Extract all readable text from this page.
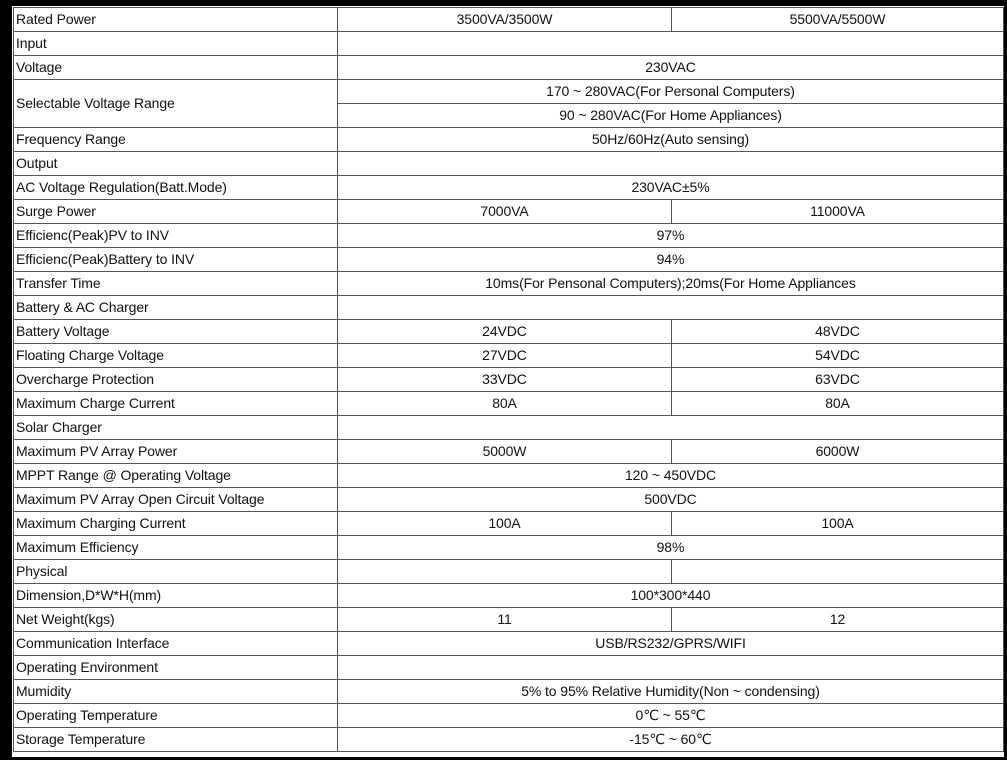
Rated Power	3500VA/3500W	5500VA/5500W
Input		
Voltage	230VAC	
Selectable Voltage Range	170 ~ 280VAC(For Personal Computers)	
	90 ~ 280VAC(For Home Appliances)	
Frequency Range	50Hz/60Hz(Auto sensing)	
Output		
AC Voltage Regulation(Batt.Mode)	230VAC±5%	
Surge Power	7000VA	11000VA
Efficienc(Peak)PV to INV	97%	
Efficienc(Peak)Battery to INV	94%	
Transfer Time	10ms(For Pensonal Computers);20ms(For Home Appliances	
Battery & AC Charger		
Battery Voltage	24VDC	48VDC
Floating Charge Voltage	27VDC	54VDC
Overcharge Protection	33VDC	63VDC
Maximum Charge Current	80A	80A
Solar Charger		
Maximum PV Array Power	5000W	6000W
MPPT Range @ Operating Voltage	120 ~ 450VDC	
Maximum PV Array Open Circuit Voltage	500VDC	
Maximum Charging Current	100A	100A
Maximum Efficiency	98%	
Physical		
Dimension,D*W*H(mm)	100*300*440	
Net Weight(kgs)	11	12
Communication Interface	USB/RS232/GPRS/WIFI	
Operating Environment		
Mumidity	5% to 95% Relative Humidity(Non ~ condensing)	
Operating Temperature	0℃ ~ 55℃	
Storage Temperature	-15℃ ~ 60℃	
